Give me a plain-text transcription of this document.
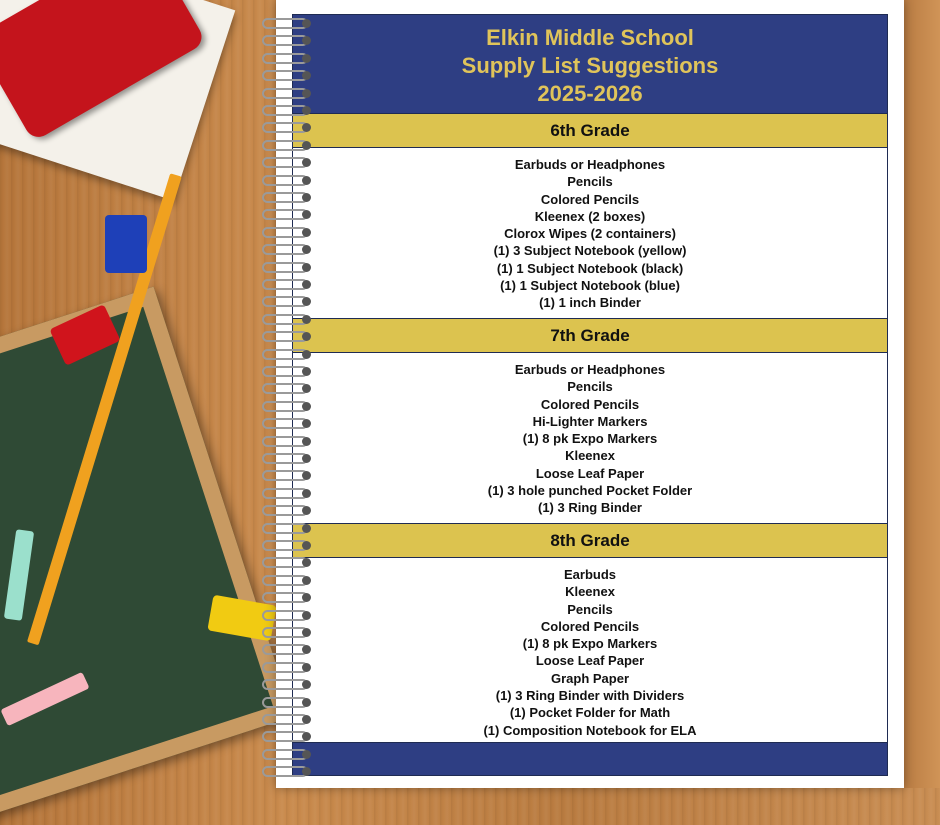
Elkin Middle School
Supply List Suggestions
2025-2026
6th Grade
Earbuds or Headphones
Pencils
Colored Pencils
Kleenex (2 boxes)
Clorox Wipes (2 containers)
(1) 3 Subject Notebook (yellow)
(1) 1 Subject Notebook (black)
(1) 1 Subject Notebook (blue)
(1) 1 inch Binder
7th Grade
Earbuds or Headphones
Pencils
Colored Pencils
Hi-Lighter Markers
(1) 8 pk Expo Markers
Kleenex
Loose Leaf Paper
(1) 3 hole punched Pocket Folder
(1) 3 Ring Binder
8th Grade
Earbuds
Kleenex
Pencils
Colored Pencils
(1) 8 pk Expo Markers
Loose Leaf Paper
Graph Paper
(1) 3 Ring Binder with Dividers
(1) Pocket Folder for Math
(1) Composition Notebook for ELA
